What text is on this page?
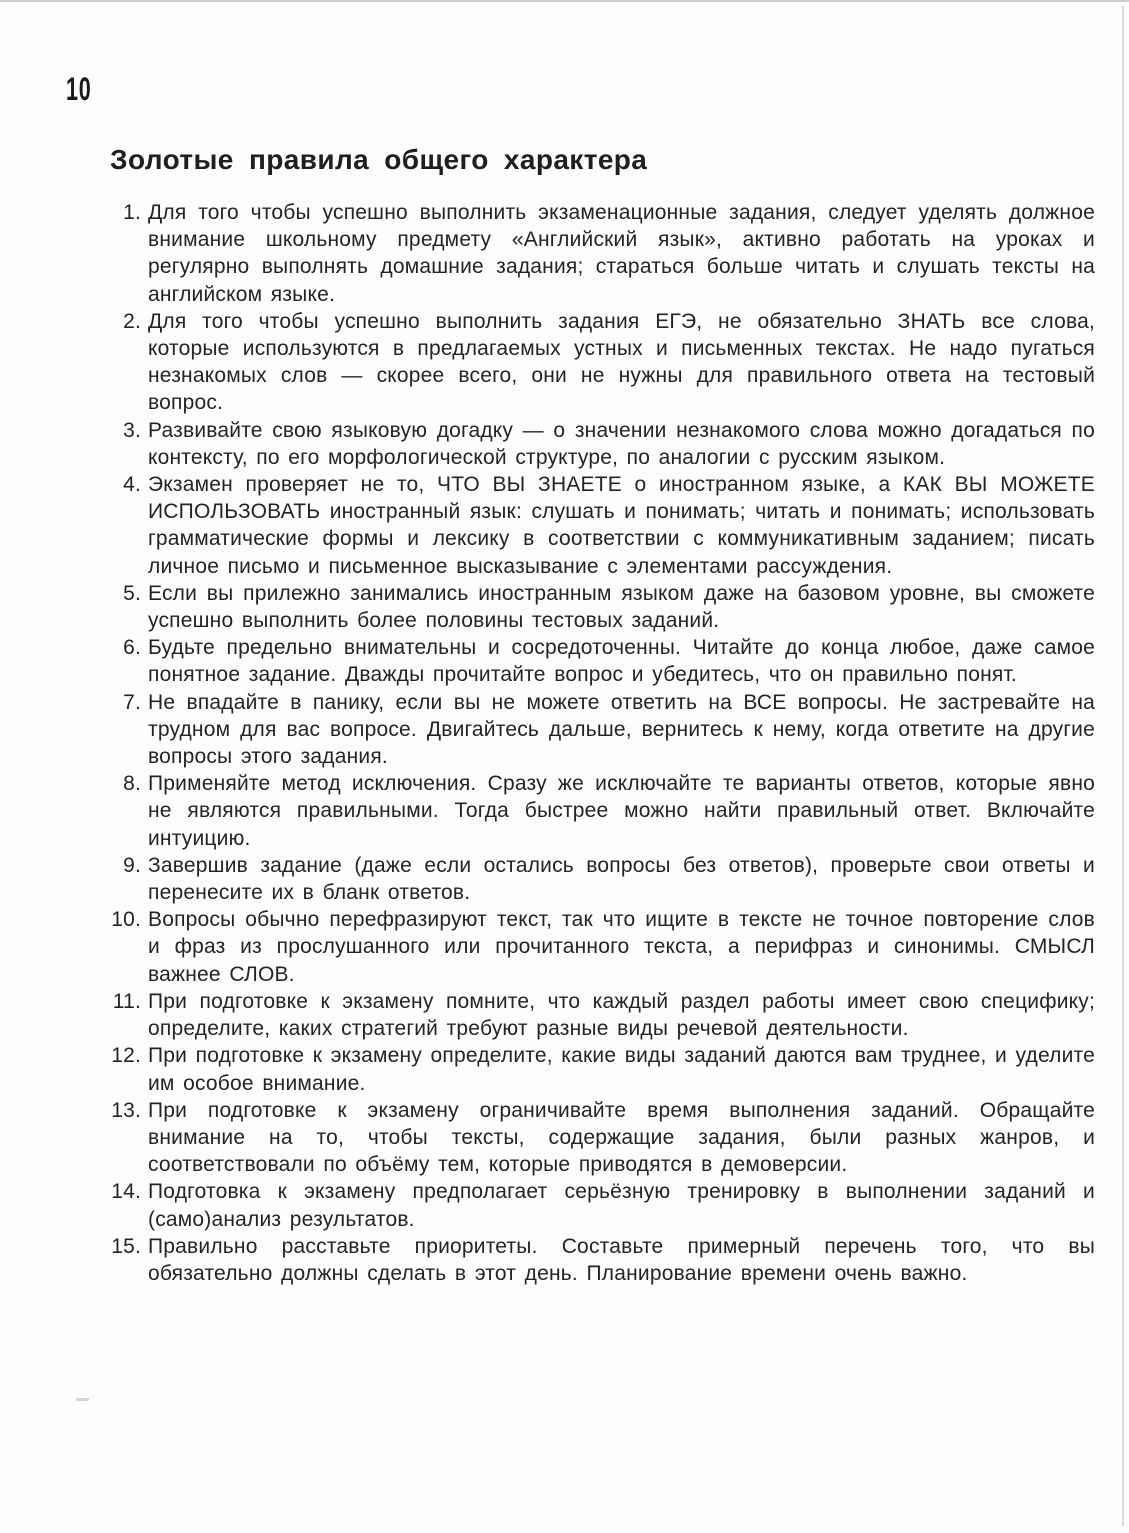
10
Золотые правила общего характера
1. Для того чтобы успешно выполнить экзаменационные задания, следует уделять должное внимание школьному предмету «Английский язык», активно работать на уроках и регулярно выполнять домашние задания; стараться больше читать и слушать тексты на английском языке.
2. Для того чтобы успешно выполнить задания ЕГЭ, не обязательно ЗНАТЬ все слова, которые используются в предлагаемых устных и письменных текстах. Не надо пугаться незнакомых слов — скорее всего, они не нужны для правильного ответа на тестовый вопрос.
3. Развивайте свою языковую догадку — о значении незнакомого слова можно догадаться по контексту, по его морфологической структуре, по аналогии с русским языком.
4. Экзамен проверяет не то, ЧТО ВЫ ЗНАЕТЕ о иностранном языке, а КАК ВЫ МОЖЕТЕ ИСПОЛЬЗОВАТЬ иностранный язык: слушать и понимать; читать и понимать; использовать грамматические формы и лексику в соответствии с коммуникативным заданием; писать личное письмо и письменное высказывание с элементами рассуждения.
5. Если вы прилежно занимались иностранным языком даже на базовом уровне, вы сможете успешно выполнить более половины тестовых заданий.
6. Будьте предельно внимательны и сосредоточенны. Читайте до конца любое, даже самое понятное задание. Дважды прочитайте вопрос и убедитесь, что он правильно понят.
7. Не впадайте в панику, если вы не можете ответить на ВСЕ вопросы. Не застревайте на трудном для вас вопросе. Двигайтесь дальше, вернитесь к нему, когда ответите на другие вопросы этого задания.
8. Применяйте метод исключения. Сразу же исключайте те варианты ответов, которые явно не являются правильными. Тогда быстрее можно найти правильный ответ. Включайте интуицию.
9. Завершив задание (даже если остались вопросы без ответов), проверьте свои ответы и перенесите их в бланк ответов.
10. Вопросы обычно перефразируют текст, так что ищите в тексте не точное повторение слов и фраз из прослушанного или прочитанного текста, а перифраз и синонимы. СМЫСЛ важнее СЛОВ.
11. При подготовке к экзамену помните, что каждый раздел работы имеет свою специфику; определите, каких стратегий требуют разные виды речевой деятельности.
12. При подготовке к экзамену определите, какие виды заданий даются вам труднее, и уделите им особое внимание.
13. При подготовке к экзамену ограничивайте время выполнения заданий. Обращайте внимание на то, чтобы тексты, содержащие задания, были разных жанров, и соответствовали по объёму тем, которые приводятся в демоверсии.
14. Подготовка к экзамену предполагает серьёзную тренировку в выполнении заданий и (само)анализ результатов.
15. Правильно расставьте приоритеты. Составьте примерный перечень того, что вы обязательно должны сделать в этот день. Планирование времени очень важно.
